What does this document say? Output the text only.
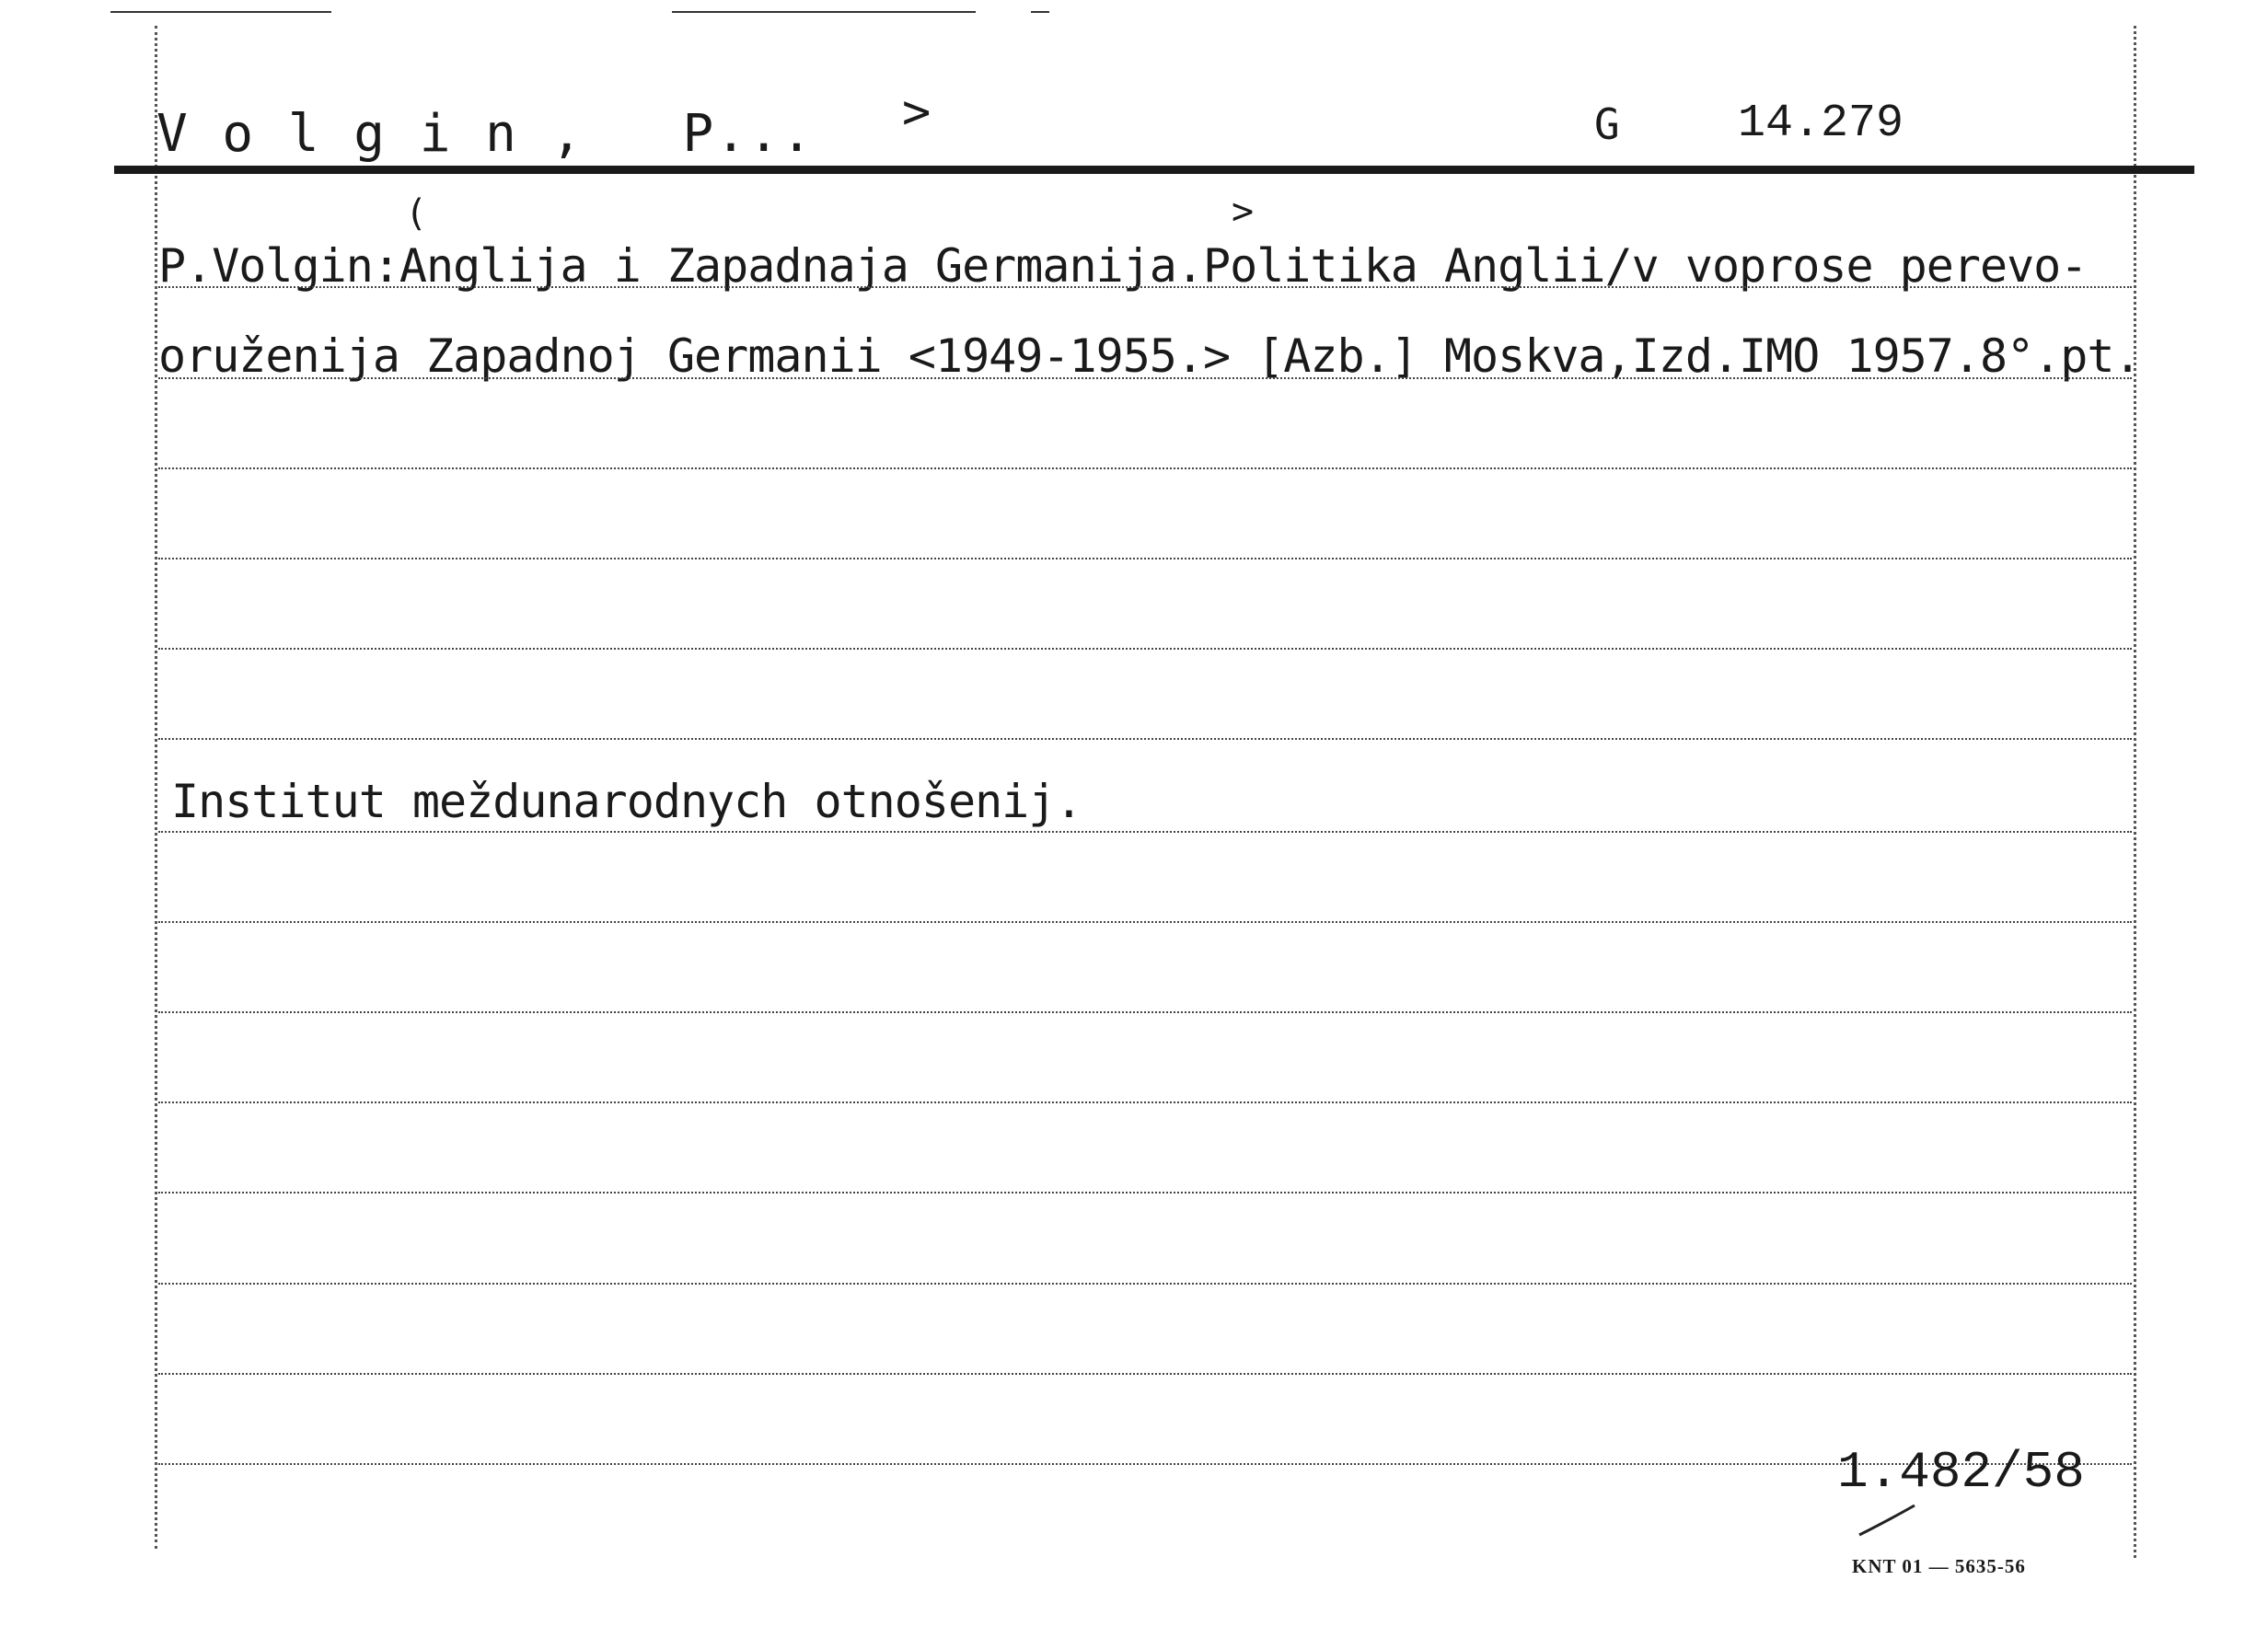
V o l g i n ,   P... >	G	14.279
(	>
P.Volgin:Anglija i Zapadnaja Germanija.Politika Anglii/v voprose perevo-
oruženija Zapadnoj Germanii <1949-1955.> [Azb.] Moskva,Izd.IMO 1957.8°.pt.
Institut meždunarodnych otnošenij.
1.482/58
KNT 01 — 5635-56
